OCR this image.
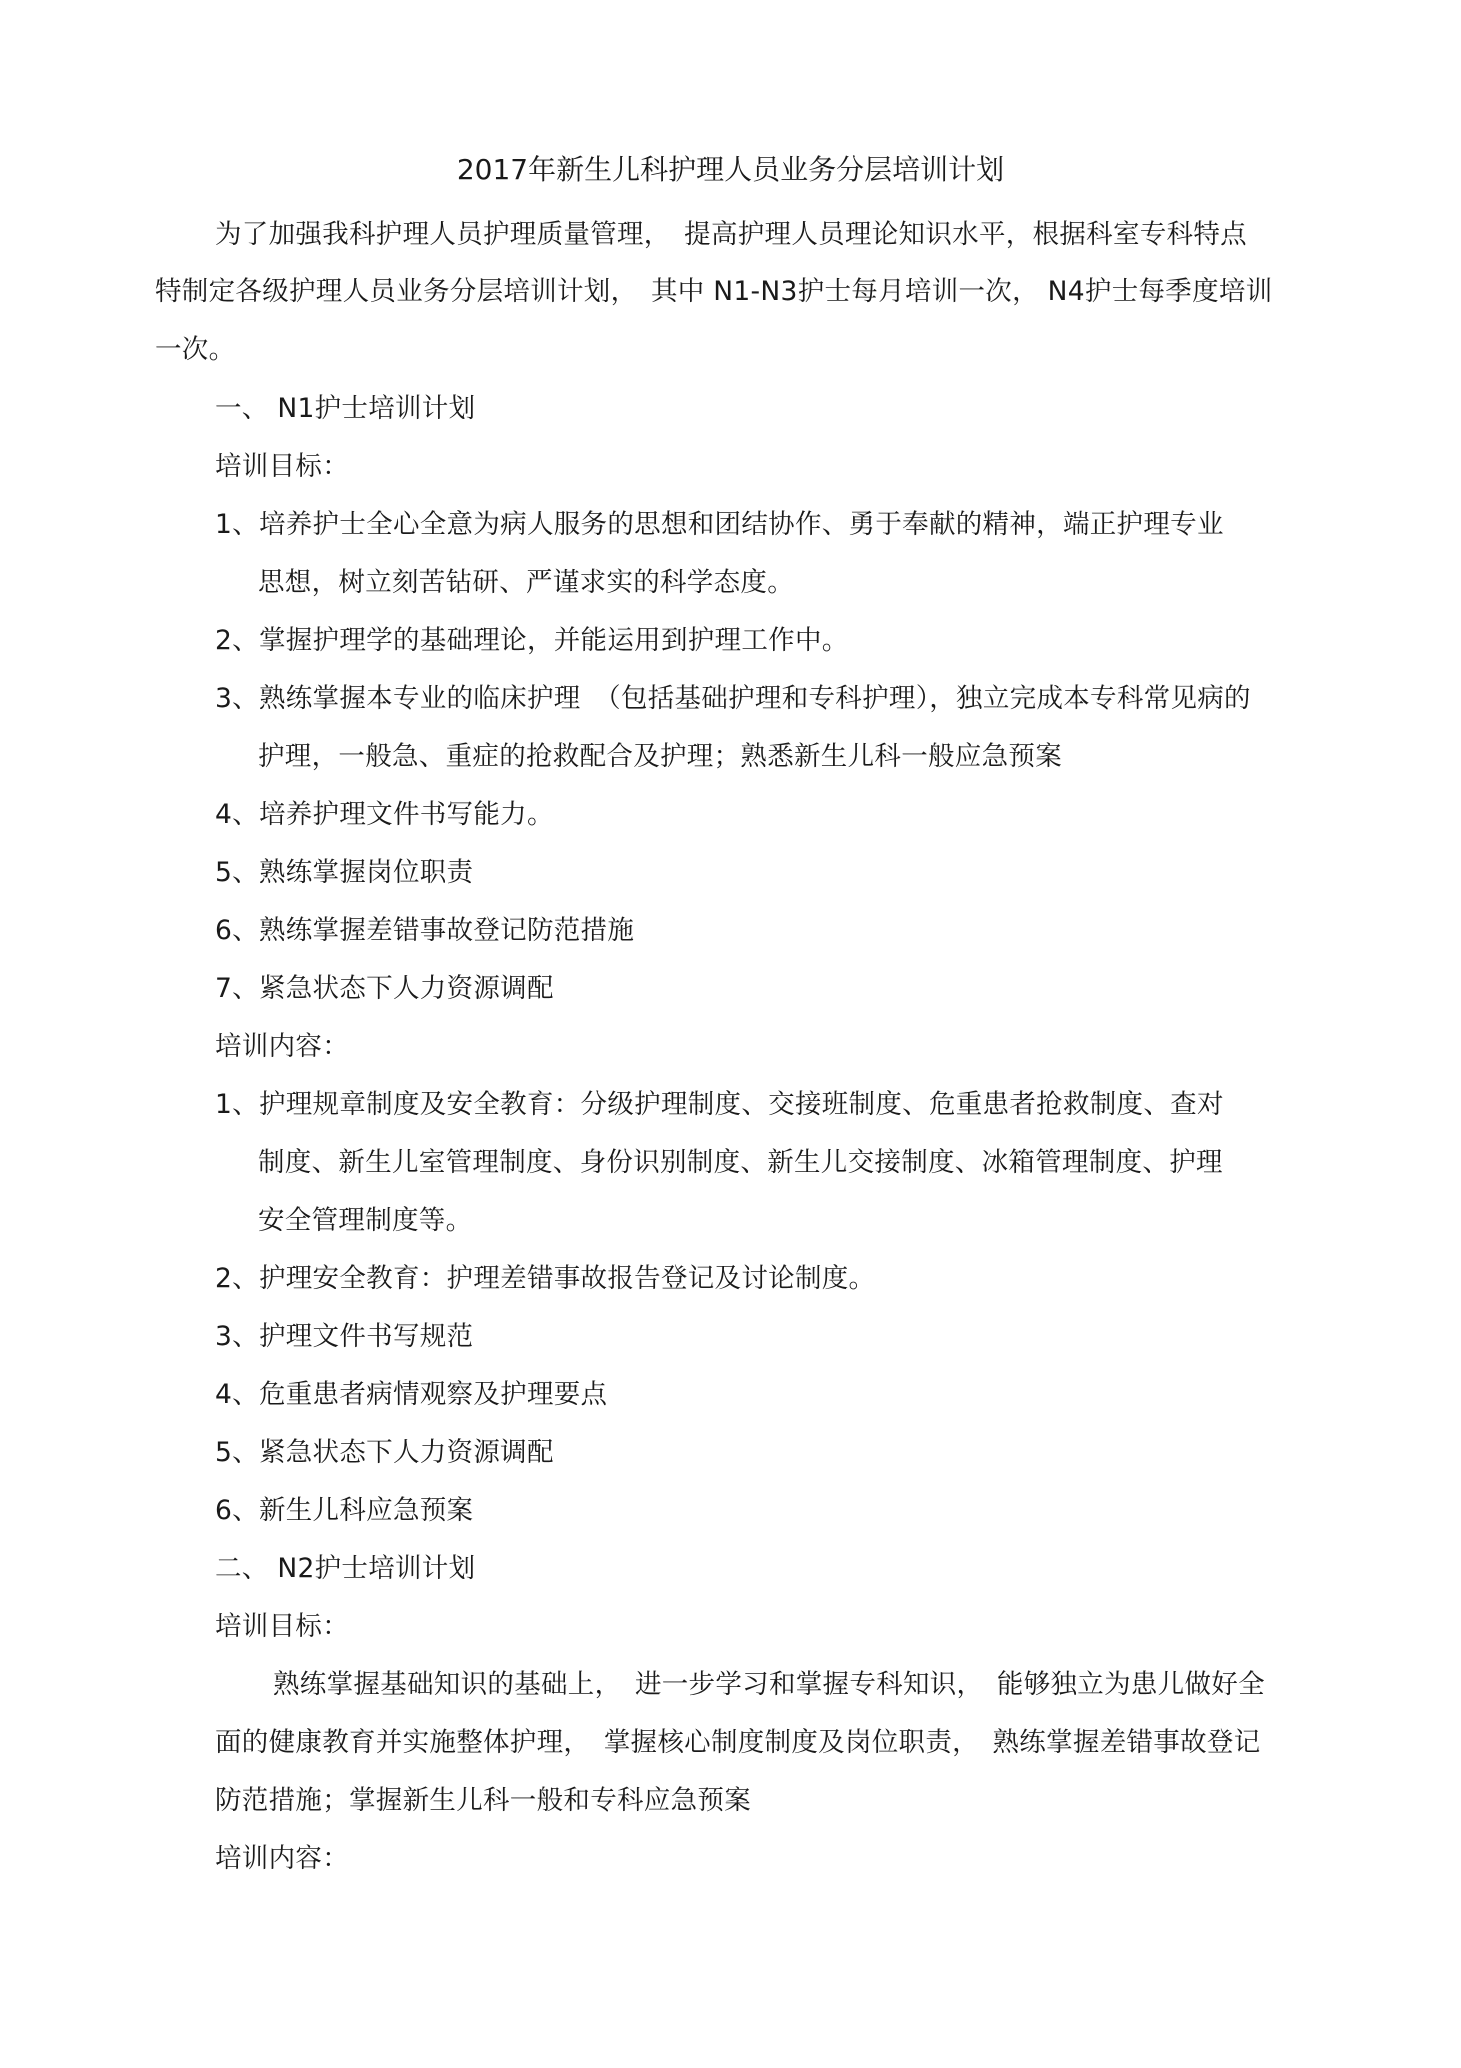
2017年新生儿科护理人员业务分层培训计划
为了加强我科护理人员护理质量管理，　提高护理人员理论知识水平，根据科室专科特点
特制定各级护理人员业务分层培训计划，　其中 N1-N3护士每月培训一次， N4护士每季度培训
一次。
一、 N1护士培训计划
培训目标：
1、培养护士全心全意为病人服务的思想和团结协作、勇于奉献的精神，端正护理专业
思想，树立刻苦钻研、严谨求实的科学态度。
2、掌握护理学的基础理论，并能运用到护理工作中。
3、熟练掌握本专业的临床护理　（包括基础护理和专科护理），独立完成本专科常见病的
护理，一般急、重症的抢救配合及护理；熟悉新生儿科一般应急预案
4、培养护理文件书写能力。
5、熟练掌握岗位职责
6、熟练掌握差错事故登记防范措施
7、紧急状态下人力资源调配
培训内容：
1、护理规章制度及安全教育：分级护理制度、交接班制度、危重患者抢救制度、查对
制度、新生儿室管理制度、身份识别制度、新生儿交接制度、冰箱管理制度、护理
安全管理制度等。
2、护理安全教育：护理差错事故报告登记及讨论制度。
3、护理文件书写规范
4、危重患者病情观察及护理要点
5、紧急状态下人力资源调配
6、新生儿科应急预案
二、 N2护士培训计划
培训目标：
熟练掌握基础知识的基础上，　进一步学习和掌握专科知识，　能够独立为患儿做好全
面的健康教育并实施整体护理，　掌握核心制度制度及岗位职责，　熟练掌握差错事故登记
防范措施；掌握新生儿科一般和专科应急预案
培训内容：
